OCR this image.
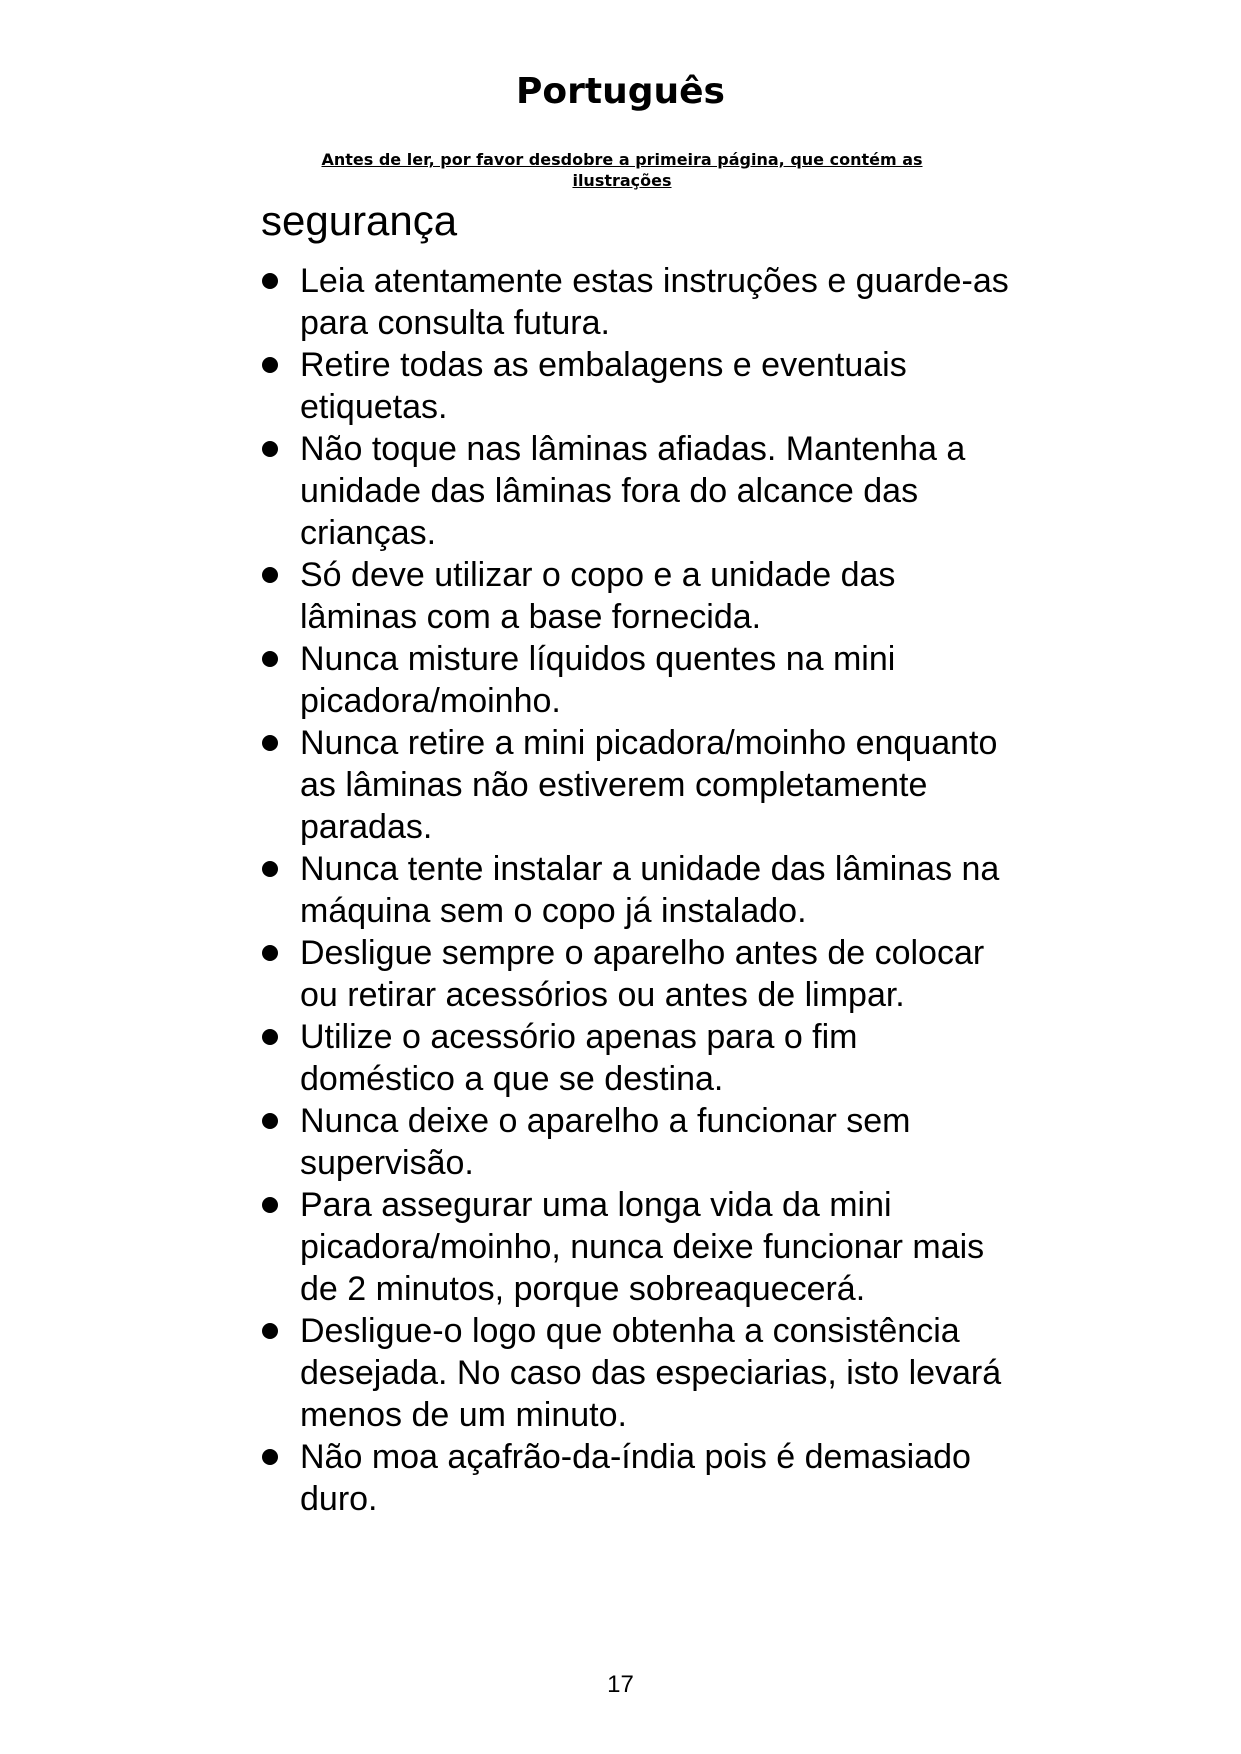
Português

Antes de ler, por favor desdobre a primeira página, que contém as
ilustrações

segurança
Leia atentamente estas instruções e guarde-as para consulta futura.
Retire todas as embalagens e eventuais etiquetas.
Não toque nas lâminas afiadas. Mantenha a unidade das lâminas fora do alcance das crianças.
Só deve utilizar o copo e a unidade das lâminas com a base fornecida.
Nunca misture líquidos quentes na mini picadora/moinho.
Nunca retire a mini picadora/moinho enquanto as lâminas não estiverem completamente paradas.
Nunca tente instalar a unidade das lâminas na máquina sem o copo já instalado.
Desligue sempre o aparelho antes de colocar ou retirar acessórios ou antes de limpar.
Utilize o acessório apenas para o fim doméstico a que se destina.
Nunca deixe o aparelho a funcionar sem supervisão.
Para assegurar uma longa vida da mini picadora/moinho, nunca deixe funcionar mais de 2 minutos, porque sobreaquecerá.
Desligue-o logo que obtenha a consistência desejada. No caso das especiarias, isto levará menos de um minuto.
Não moa açafrão-da-índia pois é demasiado duro.
17
